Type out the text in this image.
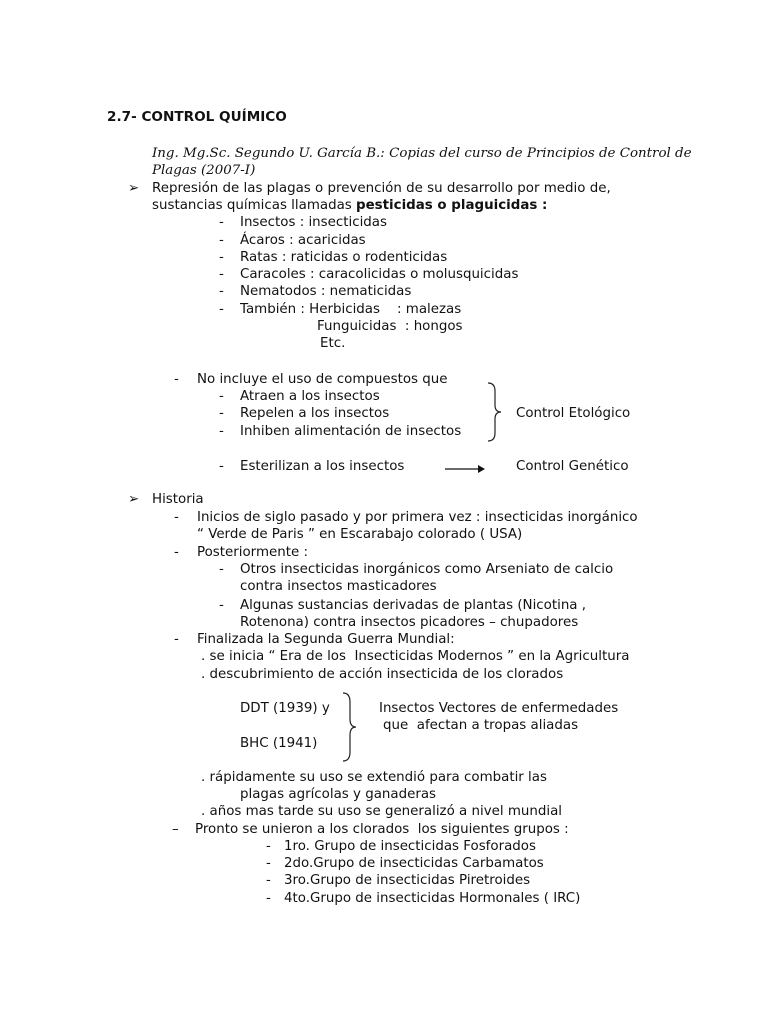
2.7- CONTROL QUÍMICO
Ing. Mg.Sc. Segundo U. García B.: Copias del curso de Principios de Control de
Plagas (2007-I)
➢ Represión de las plagas o prevención de su desarrollo por medio de,
sustancias químicas llamadas pesticidas o plaguicidas :
- Insectos : insecticidas
- Ácaros : acaricidas
- Ratas : raticidas o rodenticidas
- Caracoles : caracolicidas o molusquicidas
- Nematodos : nematicidas
- También : Herbicidas    : malezas
Funguicidas  : hongos
Etc.
- No incluye el uso de compuestos que
- Atraen a los insectos
- Repelen a los insectos
- Inhiben alimentación de insectos
Control Etológico
- Esterilizan a los insectos	Control Genético
➢ Historia
- Inicios de siglo pasado y por primera vez : insecticidas inorgánico
“ Verde de Paris ” en Escarabajo colorado ( USA)
- Posteriormente :
- Otros insecticidas inorgánicos como Arseniato de calcio
contra insectos masticadores
- Algunas sustancias derivadas de plantas (Nicotina ,
Rotenona) contra insectos picadores – chupadores
- Finalizada la Segunda Guerra Mundial:
. se inicia “ Era de los  Insecticidas Modernos ” en la Agricultura
. descubrimiento de acción insecticida de los clorados
DDT (1939) y
BHC (1941)
Insectos Vectores de enfermedades
que  afectan a tropas aliadas
. rápidamente su uso se extendió para combatir las
plagas agrícolas y ganaderas
. años mas tarde su uso se generalizó a nivel mundial
– Pronto se unieron a los clorados  los siguientes grupos :
- 1ro. Grupo de insecticidas Fosforados
- 2do.Grupo de insecticidas Carbamatos
- 3ro.Grupo de insecticidas Piretroides
- 4to.Grupo de insecticidas Hormonales ( IRC)
